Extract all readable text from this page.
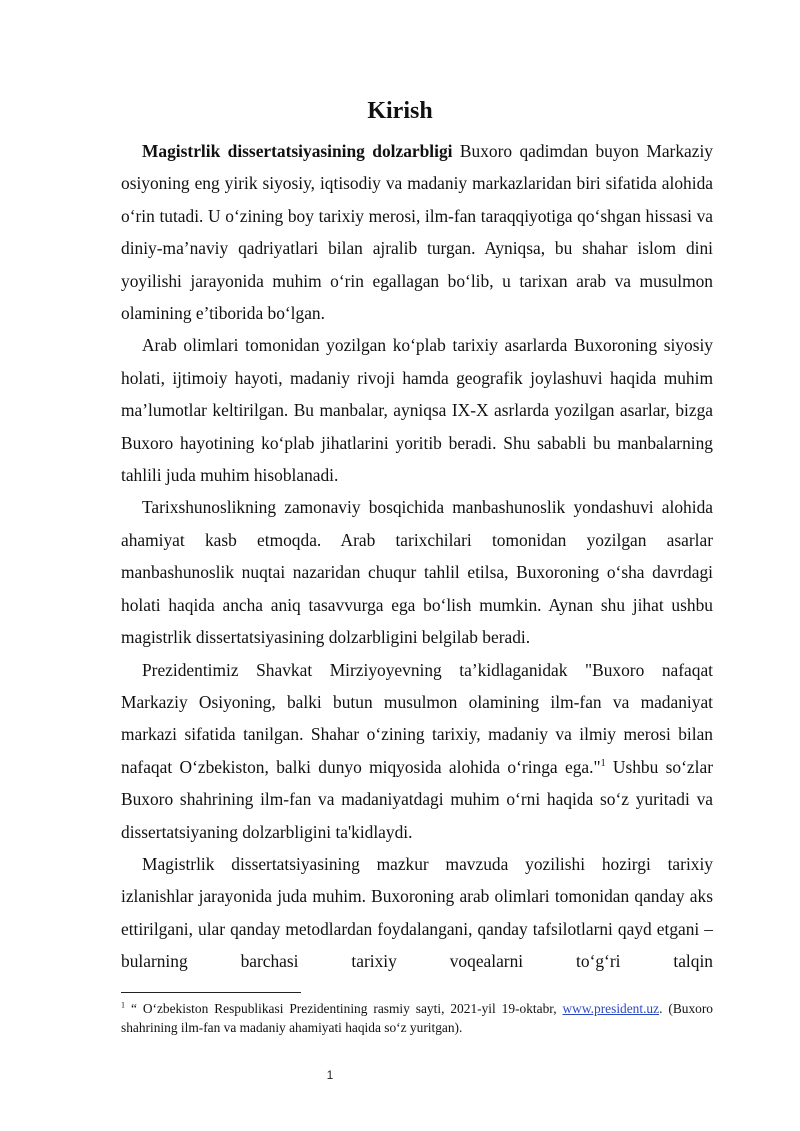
Kirish

Magistrlik dissertatsiyasining dolzarbligi Buxoro qadimdan buyon Markaziy osiyoning eng yirik siyosiy, iqtisodiy va madaniy markazlaridan biri sifatida alohida o‘rin tutadi. U o‘zining boy tarixiy merosi, ilm-fan taraqqiyotiga qo‘shgan hissasi va diniy-ma’naviy qadriyatlari bilan ajralib turgan. Ayniqsa, bu shahar islom dini yoyilishi jarayonida muhim o‘rin egallagan bo‘lib, u tarixan arab va musulmon olamining e’tiborida bo‘lgan.

Arab olimlari tomonidan yozilgan ko‘plab tarixiy asarlarda Buxoroning siyosiy holati, ijtimoiy hayoti, madaniy rivoji hamda geografik joylashuvi haqida muhim ma’lumotlar keltirilgan. Bu manbalar, ayniqsa IX-X asrlarda yozilgan asarlar, bizga Buxoro hayotining ko‘plab jihatlarini yoritib beradi. Shu sababli bu manbalarning tahlili juda muhim hisoblanadi.

Tarixshunoslikning zamonaviy bosqichida manbashunoslik yondashuvi alohida ahamiyat kasb etmoqda. Arab tarixchilari tomonidan yozilgan asarlar manbashunoslik nuqtai nazaridan chuqur tahlil etilsa, Buxoroning o‘sha davrdagi holati haqida ancha aniq tasavvurga ega bo‘lish mumkin. Aynan shu jihat ushbu magistrlik dissertatsiyasining dolzarbligini belgilab beradi.

Prezidentimiz Shavkat Mirziyoyevning ta’kidlaganidak "Buxoro nafaqat Markaziy Osiyoning, balki butun musulmon olamining ilm-fan va madaniyat markazi sifatida tanilgan. Shahar o‘zining tarixiy, madaniy va ilmiy merosi bilan nafaqat O‘zbekiston, balki dunyo miqyosida alohida o‘ringa ega."$^1$ Ushbu so‘zlar Buxoro shahrining ilm-fan va madaniyatdagi muhim o‘rni haqida so‘z yuritadi va dissertatsiyaning dolzarbligini ta'kidlaydi.

Magistrlik dissertatsiyasining mazkur mavzuda yozilishi hozirgi tarixiy izlanishlar jarayonida juda muhim. Buxoroning arab olimlari tomonidan qanday aks ettirilgani, ular qanday metodlardan foydalangani, qanday tafsilotlarni qayd etgani – bularning barchasi tarixiy voqealarni to‘g‘ri talqin

$^1$ “ O‘zbekiston Respublikasi Prezidentining rasmiy sayti, 2021-yil 19-oktabr, www.president.uz. (Buxoro shahrining ilm-fan va madaniy ahamiyati haqida so‘z yuritgan).
1
